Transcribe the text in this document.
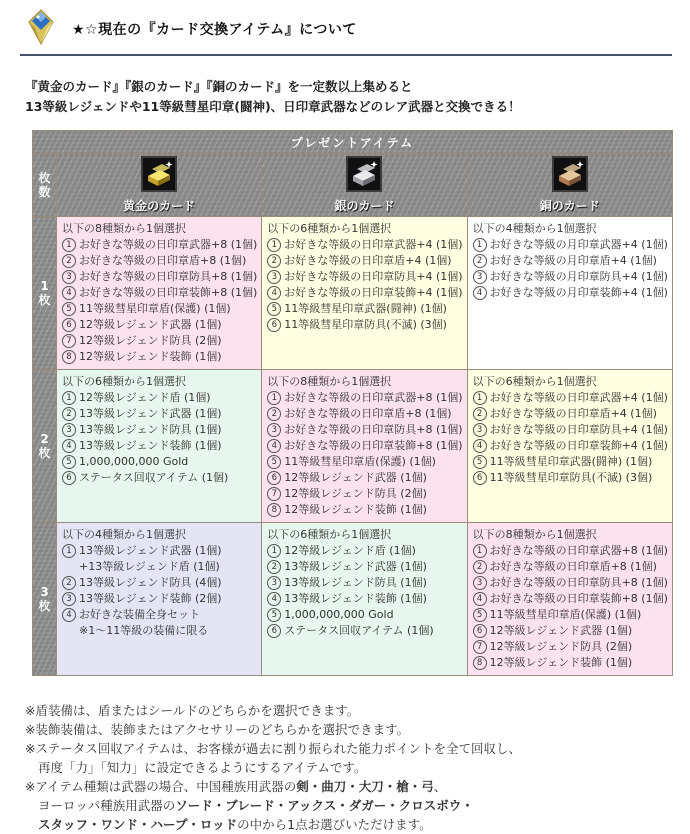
★☆現在の『カード交換アイテム』について
『黄金のカード』『銀のカード』『銅のカード』を一定数以上集めると
13等級レジェンドや11等級彗星印章(闘神)、日印章武器などのレア武器と交換できる！
プレゼントアイテム			

枚
数	黄金のカード	銀のカード	銅のカード

1
枚

以下の8種類から1個選択
1 お好きな等級の日印章武器+8 (1個)
2 お好きな等級の日印章盾+8 (1個)
3 お好きな等級の日印章防具+8 (1個)
4 お好きな等級の日印章装飾+8 (1個)
5 11等級彗星印章盾(保護) (1個)
6 12等級レジェンド武器 (1個)
7 12等級レジェンド防具 (2個)
8 12等級レジェンド装飾 (1個)

以下の6種類から1個選択
1 お好きな等級の日印章武器+4 (1個)
2 お好きな等級の日印章盾+4 (1個)
3 お好きな等級の日印章防具+4 (1個)
4 お好きな等級の日印章装飾+4 (1個)
5 11等級彗星印章武器(闘神) (1個)
6 11等級彗星印章防具(不滅) (3個)

以下の4種類から1個選択
1 お好きな等級の月印章武器+4 (1個)
2 お好きな等級の月印章盾+4 (1個)
3 お好きな等級の月印章防具+4 (1個)
4 お好きな等級の月印章装飾+4 (1個)

2
枚

以下の6種類から1個選択
1 12等級レジェンド盾 (1個)
2 13等級レジェンド武器 (1個)
3 13等級レジェンド防具 (1個)
4 13等級レジェンド装飾 (1個)
5 1,000,000,000 Gold
6 ステータス回収アイテム (1個)

以下の8種類から1個選択
1 お好きな等級の日印章武器+8 (1個)
2 お好きな等級の日印章盾+8 (1個)
3 お好きな等級の日印章防具+8 (1個)
4 お好きな等級の日印章装飾+8 (1個)
5 11等級彗星印章盾(保護) (1個)
6 12等級レジェンド武器 (1個)
7 12等級レジェンド防具 (2個)
8 12等級レジェンド装飾 (1個)

以下の6種類から1個選択
1 お好きな等級の日印章武器+4 (1個)
2 お好きな等級の日印章盾+4 (1個)
3 お好きな等級の日印章防具+4 (1個)
4 お好きな等級の日印章装飾+4 (1個)
5 11等級彗星印章武器(闘神) (1個)
6 11等級彗星印章防具(不滅) (3個)

3
枚

以下の4種類から1個選択
1 13等級レジェンド武器 (1個)
+13等級レジェンド盾 (1個)
2 13等級レジェンド防具 (4個)
3 13等級レジェンド装飾 (2個)
4 お好きな装備全身セット
※1～11等級の装備に限る

以下の6種類から1個選択
1 12等級レジェンド盾 (1個)
2 13等級レジェンド武器 (1個)
3 13等級レジェンド防具 (1個)
4 13等級レジェンド装飾 (1個)
5 1,000,000,000 Gold
6 ステータス回収アイテム (1個)

以下の8種類から1個選択
1 お好きな等級の日印章武器+8 (1個)
2 お好きな等級の日印章盾+8 (1個)
3 お好きな等級の日印章防具+8 (1個)
4 お好きな等級の日印章装飾+8 (1個)
5 11等級彗星印章盾(保護) (1個)
6 12等級レジェンド武器 (1個)
7 12等級レジェンド防具 (2個)
8 12等級レジェンド装飾 (1個)
※盾装備は、盾またはシールドのどちらかを選択できます。
※装飾装備は、装飾またはアクセサリーのどちらかを選択できます。
※ステータス回収アイテムは、お客様が過去に割り振られた能力ポイントを全て回収し、
再度「力」「知力」に設定できるようにするアイテムです。
※アイテム種類は武器の場合、中国種族用武器の剣・曲刀・大刀・槍・弓、
ヨーロッパ種族用武器のソード・ブレード・アックス・ダガー・クロスボウ・
スタッフ・ワンド・ハープ・ロッドの中から1点お選びいただけます。
